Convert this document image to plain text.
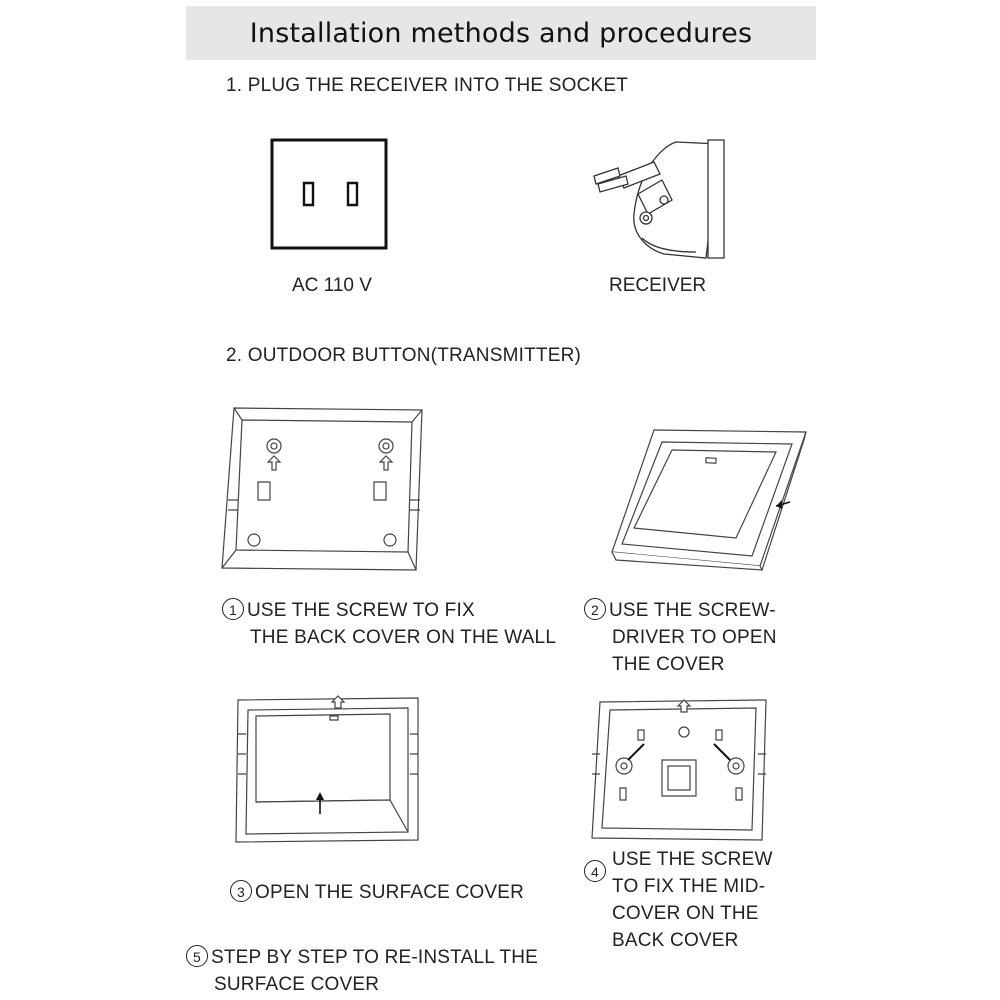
Installation methods and procedures
1. PLUG THE RECEIVER INTO THE SOCKET
AC 110 V	RECEIVER
2. OUTDOOR BUTTON(TRANSMITTER)
1 USE THE SCREW TO FIX
THE BACK COVER ON THE WALL
2 USE THE SCREW-
DRIVER TO OPEN
THE COVER
3 OPEN THE SURFACE COVER
4
USE THE SCREW
TO FIX THE MID-
COVER ON THE
BACK COVER
5 STEP BY STEP TO RE-INSTALL THE
SURFACE COVER
